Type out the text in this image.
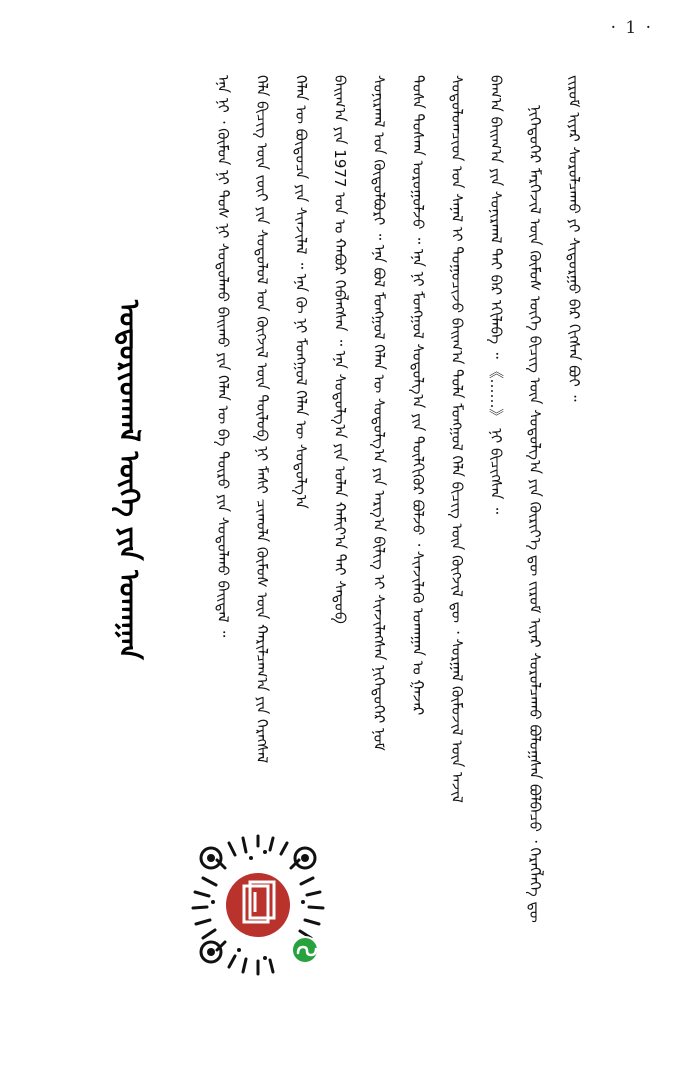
· 1 ·
ᠤᠳᠤᠷᠢᠳᠬᠠᠯ ᠦᠭᠡ ᠶᠢᠨ ᠤᠬᠠᠭᠠᠨ
ᠵᠢᠷᠤᠮ ᠢᠶᠠᠷ ᠰᠤᠷᠤᠯᠴᠠᠬᠤ ᠶᠢ ᠰᠢᠳᠤᠷᠭᠤ ᠪᠡᠷ ᠬᠢᠭᠰᠡᠨ ᠪᠤᠢ ᠃
ᠨᠢᠭᠡᠳᠦᠭᠡᠷ ᠮᠡᠷᠭᠡᠵᠢᠯ ᠦᠨ ᠬᠦᠮᠦᠰ ᠦᠭᠡ ᠪᠢᠴᠢᠭ ᠦᠨ ᠰᠤᠳᠤᠯᠭ᠎ᠠ ᠶᠢᠨ ᠬᠦᠷᠢᠶ᠎ᠡ ᠳᠦ ᠵᠢᠷᠤᠮ ᠢᠶᠠᠷ ᠰᠤᠷᠤᠯᠴᠠᠬᠤ ᠪᠣᠯᠣᠭ᠋ᠰᠠᠨ ᠪᠣᠯᠪᠠᠴᠤ ᠂ ᠬᠡᠷᠡᠭᠯᠡᠭᠡ ᠳᠦ
ᠪᠠᠭ᠎ᠠ ᠪᠠᠢᠭ᠎ᠠ ᠶᠢᠨ ᠰᠣᠨᠢᠷᠬᠠᠯ ᠲᠠᠢ ᠪᠠᠷ ᠡᠬᠢᠯᠡᠪᠡ ᠃ 《……》 ᠨᠢ ᠪᠢᠴᠢᠭᠰᠡᠨ ᠃
ᠰᠤᠳᠤᠯᠤᠭᠴᠢᠳ ᠤᠨ ᠰᠠᠨᠠᠯ ᠢ ᠲᠤᠭᠤᠴᠢᠵᠤ ᠪᠠᠢᠭ᠎ᠠ ᠲᠤᠯᠠ ᠮᠣᠩᠭᠣᠯ ᠬᠡᠯᠡ ᠪᠢᠴᠢᠭ ᠦᠨ ᠬᠥᠭᠵᠢᠯ ᠳᠦ ᠂ ᠰᠤᠷᠭᠠᠯ ᠬᠥᠮᠦᠵᠢᠯ ᠦᠨ ᠠᠵᠢᠯ
ᠲᠤᠰᠠ ᠳᠤᠰᠬᠠ ᠣᠷᠤᠭᠤᠯᠵᠤ ᠃ ᠡᠨᠡ ᠨᠢ ᠮᠣᠩᠭᠣᠯ ᠰᠤᠳᠤᠯᠭ᠎ᠠ ᠶᠢᠨ ᠲᠦᠯᠬᠢᠭᠦᠷ ᠪᠣᠯᠵᠤ ᠂ ᠰᠢᠨᠵᠢᠯᠡᠬᠦ ᠤᠬᠠᠭᠠᠨ ᠤ ᠭᠠᠵᠠᠷ
ᠰᠣᠨᠢᠷᠬᠠᠯ ᠤᠨ ᠬᠥᠲᠦᠯᠪᠦᠷᠢ ᠃ ᠡᠨᠡ ᠪᠣᠯ ᠮᠣᠩᠭᠣᠯ ᠬᠡᠯᠡᠨ ᠦ ᠰᠤᠳᠤᠯᠭ᠎ᠠ ᠶᠢᠨ ᠠᠷᠭ᠎ᠠ ᠪᠢᠯᠢᠭ ᠢ ᠰᠢᠨᠵᠢᠯᠡᠭᠰᠡᠨ ᠨᠢᠭᠡᠳᠦᠭᠡᠷ ᠨᠣᠮ
ᠪᠠᠢᠭ᠎ᠠ ᠶᠢᠨ 1977 ᠣᠨ ᠤ ᠬᠠᠪᠤᠷ ᠬᠡᠪᠯᠡᠭᠰᠡᠨ ᠃ ᠡᠨᠡ ᠰᠤᠳᠤᠯᠭ᠎ᠠ ᠶᠢᠨ ᠣᠯᠠᠨ ᠬᠠᠮᠢᠶ᠎ᠠ ᠲᠠᠢ ᠰᠡᠳᠦᠪ
ᠬᠡᠯᠡᠨ ᠦ ᠪᠦᠲᠦᠴᠡ ᠶᠢᠨ ᠰᠢᠨᠵᠢᠯᠡᠯ ᠃ ᠡᠨᠡ ᠬᠦ ᠨᠢ ᠮᠣᠩᠭᠣᠯ ᠬᠡᠯᠡᠨ ᠦ ᠰᠤᠳᠤᠯᠭ᠎ᠠ
ᠬᠡᠯᠡ ᠪᠢᠴᠢᠭ ᠦᠨ ᠵᠦᠢ ᠶᠢᠨ ᠰᠤᠳᠤᠯᠤᠯ ᠤᠨ ᠬᠥᠭᠵᠢᠯ ᠦᠨ ᠲᠥᠯᠦᠪ ᠨᠢ ᠮᠠᠰᠢ ᠴᠢᠬᠤᠯᠠ ᠬᠦᠮᠦᠰ ᠦᠨ ᠬᠠᠷᠢᠯᠴᠠᠭ᠎ᠠ ᠶᠢᠨ ᠬᠡᠷᠡᠭᠰᠡᠯ
ᠡᠨᠡ ᠨᠢ ᠂ ᠬᠦᠮᠦᠨ ᠨᠢ ᠲᠤᠰ ᠨᠢ ᠰᠤᠳᠤᠯᠬᠤ ᠪᠠᠢᠬᠤ ᠶᠢᠨ ᠬᠡᠯᠡᠨ ᠦ ᠪᠠ ᠲᠥᠷᠥ ᠶᠢᠨ ᠰᠤᠳᠤᠯᠬᠤ ᠪᠠᠢᠳᠠᠯ ᠃
